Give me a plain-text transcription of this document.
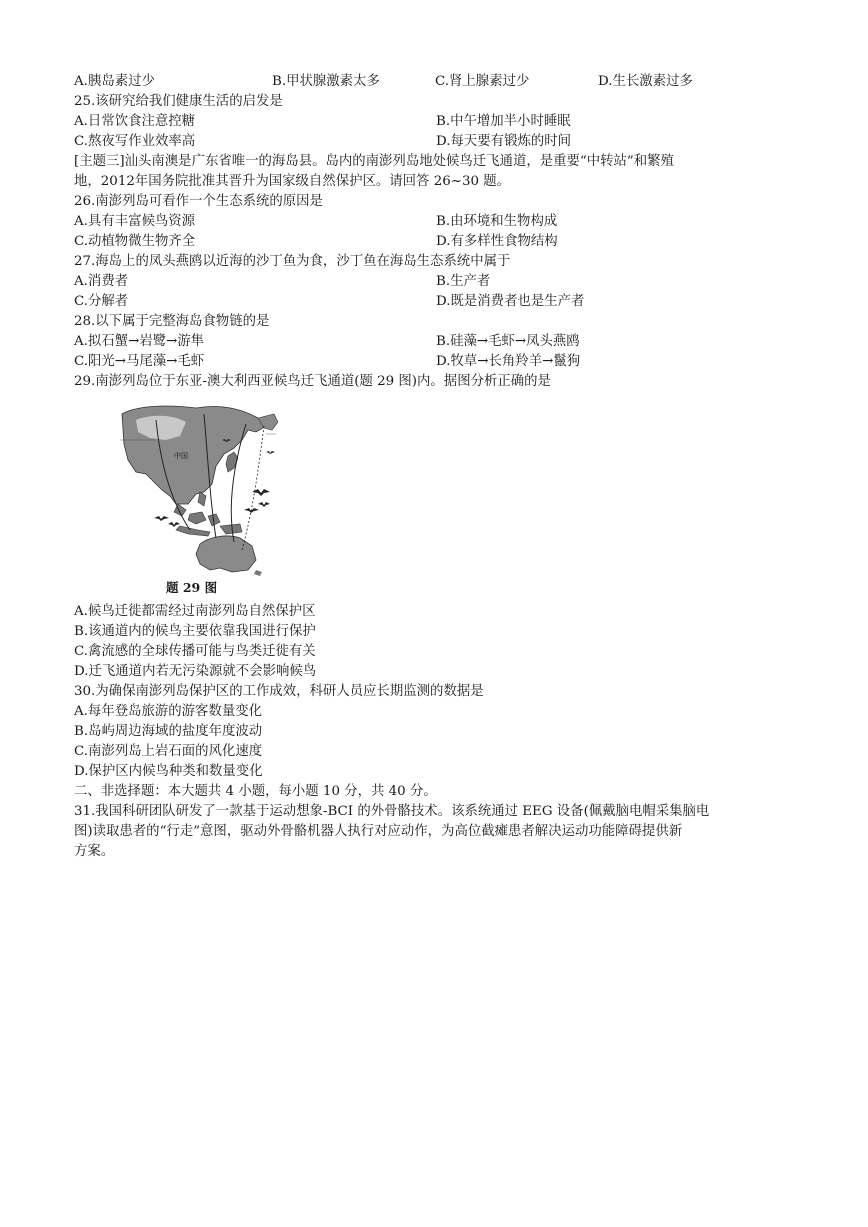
A.胰岛素过少	B.甲状腺激素太多	C.肾上腺素过少	D.生长激素过多
25.该研究给我们健康生活的启发是
A.日常饮食注意控糖	B.中午增加半小时睡眠
C.熬夜写作业效率高	D.每天要有锻炼的时间
[主题三]汕头南澳是广东省唯一的海岛县。岛内的南澎列岛地处候鸟迁飞通道，是重要“中转站”和繁殖
地，2012年国务院批准其晋升为国家级自然保护区。请回答 26~30 题。
26.南澎列岛可看作一个生态系统的原因是
A.具有丰富候鸟资源	B.由环境和生物构成
C.动植物微生物齐全	D.有多样性食物结构
27.海岛上的凤头燕鸥以近海的沙丁鱼为食，沙丁鱼在海岛生态系统中属于
A.消费者	B.生产者
C.分解者	D.既是消费者也是生产者
28.以下属于完整海岛食物链的是
A.拟石蟹→岩鹭→游隼	B.硅藻→毛虾→凤头燕鸥
C.阳光→马尾藻→毛虾	D.牧草→长角羚羊→鬣狗
29.南澎列岛位于东亚-澳大利西亚候鸟迁飞通道(题 29 图)内。据图分析正确的是
中国
题 29 图
A.候鸟迁徙都需经过南澎列岛自然保护区
B.该通道内的候鸟主要依靠我国进行保护
C.禽流感的全球传播可能与鸟类迁徙有关
D.迁飞通道内若无污染源就不会影响候鸟
30.为确保南澎列岛保护区的工作成效，科研人员应长期监测的数据是
A.每年登岛旅游的游客数量变化
B.岛屿周边海域的盐度年度波动
C.南澎列岛上岩石面的风化速度
D.保护区内候鸟种类和数量变化
二、非选择题：本大题共 4 小题，每小题 10 分，共 40 分。
31.我国科研团队研发了一款基于运动想象-BCI 的外骨骼技术。该系统通过 EEG 设备(佩戴脑电帽采集脑电
图)读取患者的“行走”意图，驱动外骨骼机器人执行对应动作，为高位截瘫患者解决运动功能障碍提供新
方案。
